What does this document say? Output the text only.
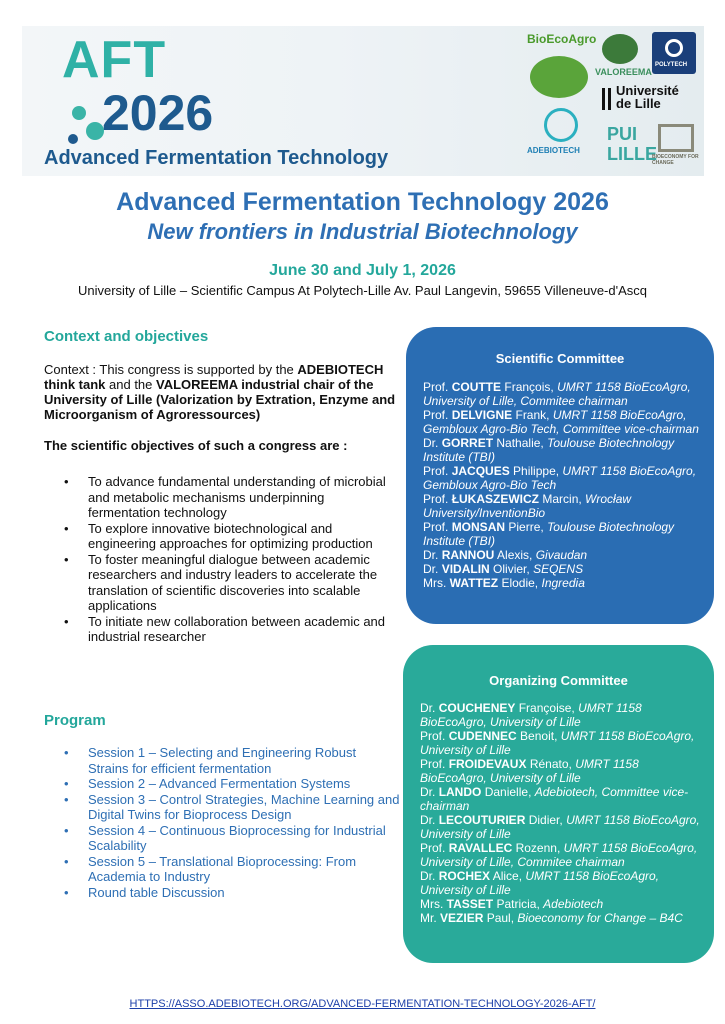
AFT
2026
Advanced Fermentation Technology
BioEcoAgro
VALOREEMA
POLYTECH
Université de Lille
ADEBIOTECH
PUI LILLE
BIOECONOMY FOR CHANGE
Advanced Fermentation Technology 2026
New frontiers in Industrial Biotechnology
June 30 and July 1, 2026
University of Lille – Scientific Campus At Polytech-Lille Av. Paul Langevin, 59655 Villeneuve-d'Ascq
Context and objectives
Context : This congress is supported by the ADEBIOTECH think tank and the VALOREEMA industrial chair of the University of Lille (Valorization by Extration, Enzyme and Microorganism of Agroressources)
The scientific objectives of such a congress are :
• To advance fundamental understanding of microbial and metabolic mechanisms underpinning fermentation technology
• To explore innovative biotechnological and engineering approaches for optimizing production
• To foster meaningful dialogue between academic researchers and industry leaders to accelerate the translation of scientific discoveries into scalable applications
• To initiate new collaboration between academic and industrial researcher
Program
• Session 1 – Selecting and Engineering Robust Strains for efficient fermentation
• Session 2 – Advanced Fermentation Systems
• Session 3 – Control Strategies, Machine Learning and Digital Twins for Bioprocess Design
• Session 4 – Continuous Bioprocessing for Industrial Scalability
• Session 5 – Translational Bioprocessing: From Academia to Industry
• Round table Discussion
Scientific Committee
Prof. COUTTE François, UMRT 1158 BioEcoAgro, University of Lille, Commitee chairman
Prof. DELVIGNE Frank, UMRT 1158 BioEcoAgro, Gembloux Agro-Bio Tech, Committee vice-chairman
Dr. GORRET Nathalie, Toulouse Biotechnology Institute (TBI)
Prof. JACQUES Philippe, UMRT 1158 BioEcoAgro, Gembloux Agro-Bio Tech
Prof. ŁUKASZEWICZ Marcin, Wrocław University/InventionBio
Prof. MONSAN Pierre, Toulouse Biotechnology Institute (TBI)
Dr. RANNOU Alexis, Givaudan
Dr. VIDALIN Olivier, SEQENS
Mrs. WATTEZ Elodie, Ingredia
Organizing Committee
Dr. COUCHENEY Françoise, UMRT 1158 BioEcoAgro, University of Lille
Prof. CUDENNEC Benoit, UMRT 1158 BioEcoAgro, University of Lille
Prof. FROIDEVAUX Rénato, UMRT 1158 BioEcoAgro, University of Lille
Dr. LANDO Danielle, Adebiotech, Committee vice-chairman
Dr. LECOUTURIER Didier, UMRT 1158 BioEcoAgro, University of Lille
Prof. RAVALLEC Rozenn, UMRT 1158 BioEcoAgro, University of Lille, Commitee chairman
Dr. ROCHEX Alice, UMRT 1158 BioEcoAgro, University of Lille
Mrs. TASSET Patricia, Adebiotech
Mr. VEZIER Paul, Bioeconomy for Change – B4C
HTTPS://ASSO.ADEBIOTECH.ORG/ADVANCED-FERMENTATION-TECHNOLOGY-2026-AFT/
